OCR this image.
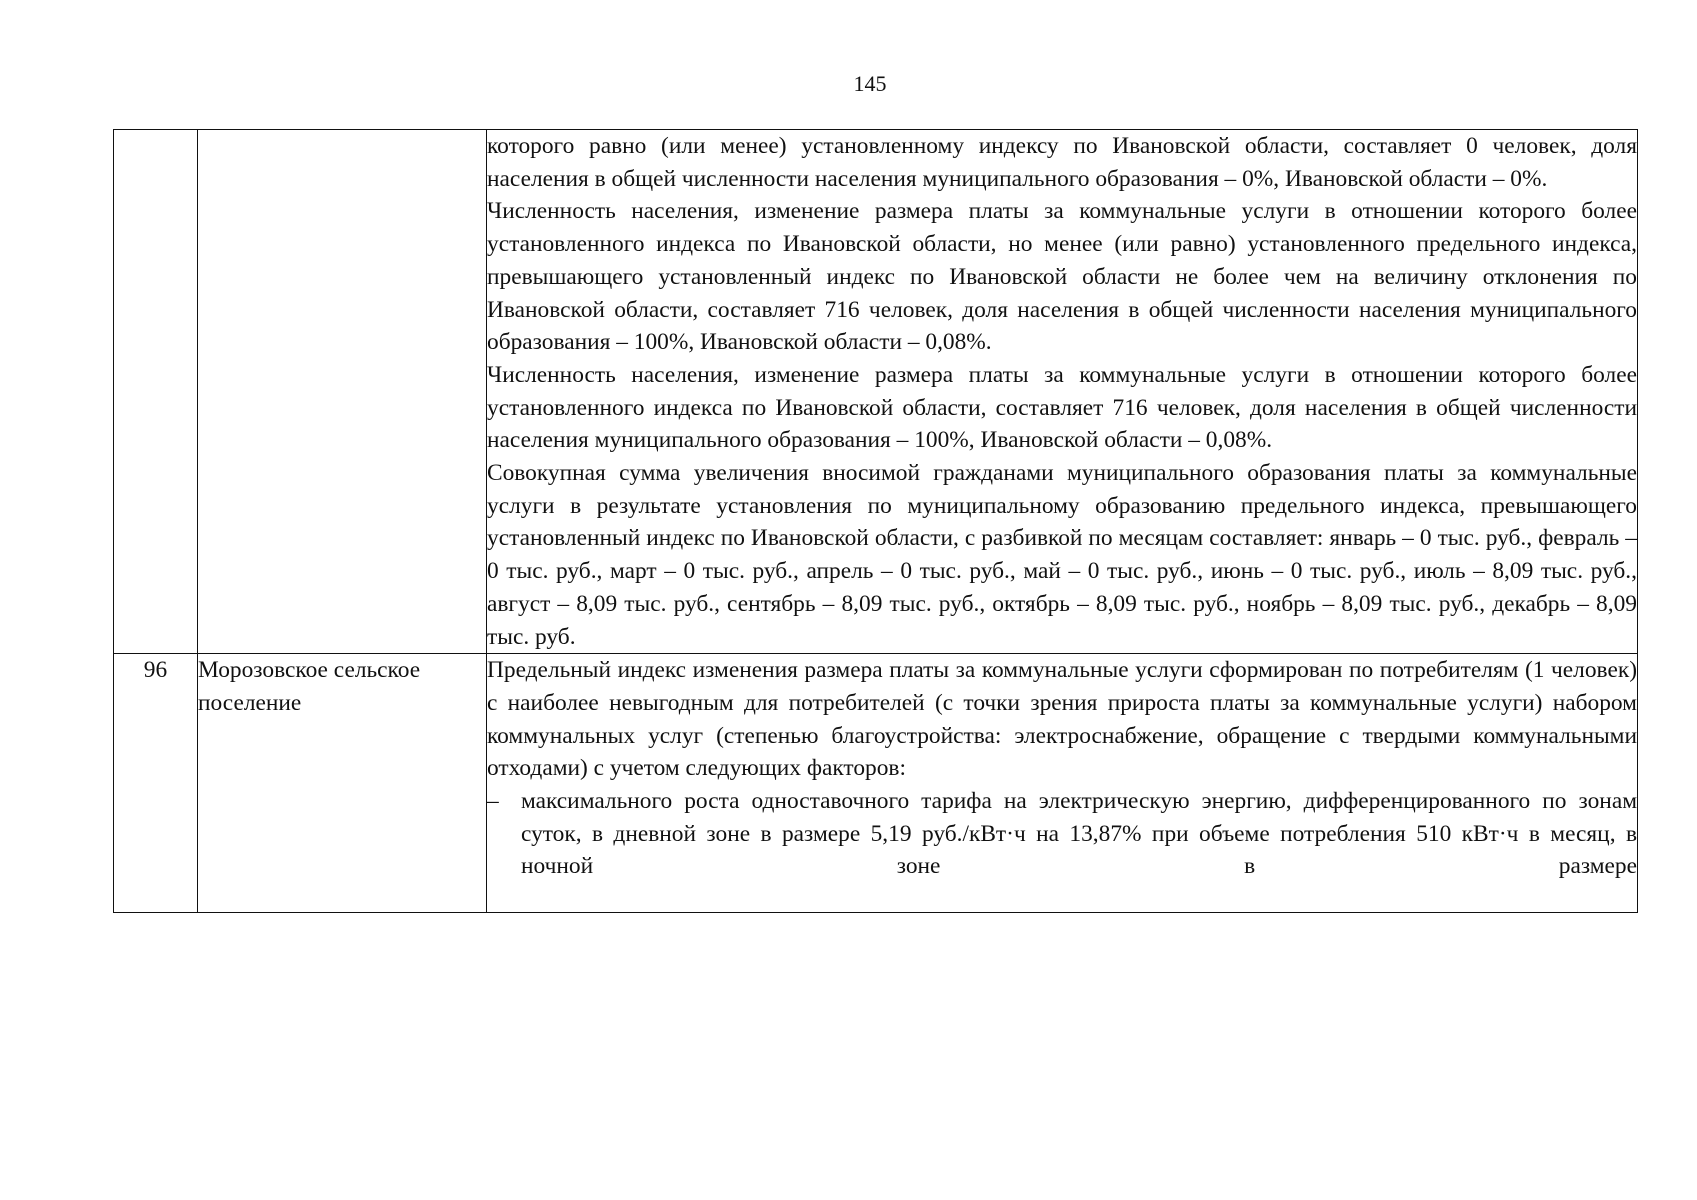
145

		которого равно (или менее) установленному индексу по Ивановской области, составляет 0 человек, доля населения в общей численности населения муниципального образования – 0%, Ивановской области – 0%.

Численность населения, изменение размера платы за коммунальные услуги в отношении которого более установленного индекса по Ивановской области, но менее (или равно) установленного предельного индекса, превышающего установленный индекс по Ивановской области не более чем на величину отклонения по Ивановской области, составляет 716 человек, доля населения в общей численности населения муниципального образования – 100%, Ивановской области – 0,08%.

Численность населения, изменение размера платы за коммунальные услуги в отношении которого более установленного индекса по Ивановской области, составляет 716 человек, доля населения в общей численности населения муниципального образования – 100%, Ивановской области – 0,08%.

Совокупная сумма увеличения вносимой гражданами муниципального образования платы за коммунальные услуги в результате установления по муниципальному образованию предельного индекса, превышающего установленный индекс по Ивановской области, с разбивкой по месяцам составляет: январь – 0 тыс. руб., февраль – 0 тыс. руб., март – 0 тыс. руб., апрель – 0 тыс. руб., май – 0 тыс. руб., июнь – 0 тыс. руб., июль – 8,09 тыс. руб., август – 8,09 тыс. руб., сентябрь – 8,09 тыс. руб., октябрь – 8,09 тыс. руб., ноябрь – 8,09 тыс. руб., декабрь – 8,09 тыс. руб.

96	Морозовское сельское поселение	Предельный индекс изменения размера платы за коммунальные услуги сформирован по потребителям (1 человек) с наиболее невыгодным для потребителей (с точки зрения прироста платы за коммунальные услуги) набором коммунальных услуг (степенью благоустройства: электроснабжение, обращение с твердыми коммунальными отходами) с учетом следующих факторов:

– максимального роста одноставочного тарифа на электрическую энергию, дифференцированного по зонам суток, в дневной зоне в размере 5,19 руб./кВт·ч на 13,87% при объеме потребления 510 кВт·ч в месяц, в ночной зоне в размере
